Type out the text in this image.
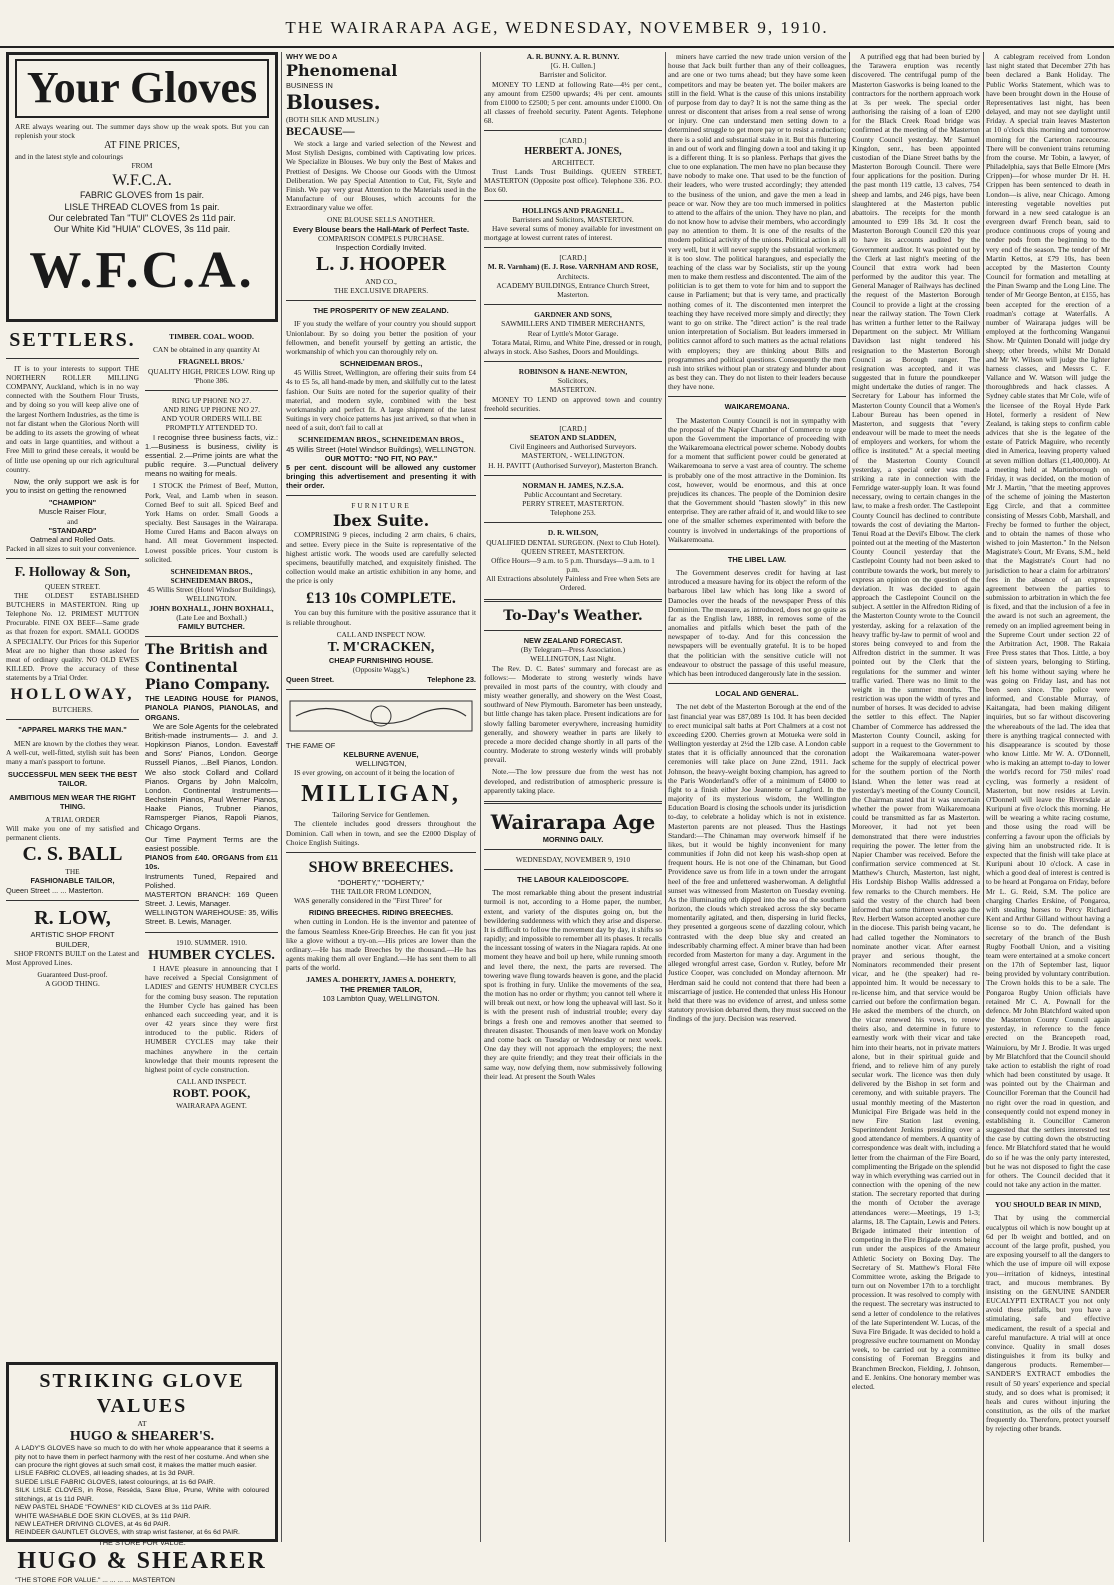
THE WAIRARAPA AGE, WEDNESDAY, NOVEMBER 9, 1910.
Your Gloves
ARE always wearing out. The summer days show up the weak spots. But you can replenish your stock
AT FINE PRICES,
and in the latest style and colourings
FROM
W.F.C.A.
FABRIC GLOVES from 1s pair.
LISLE THREAD CLOVES from 1s pair.
Our celebrated Tan "TUI" CLOVES 2s 11d pair.
Our White Kid "HUIA" CLOVES, 3s 11d pair.
W.F.C.A.
SETTLERS.

IT is to your interests to support THE NORTHERN ROLLER MILLING COMPANY, Auckland, which is in no way connected with the Southern Flour Trusts, and by doing so you will keep alive one of the largest Northern Industries, as the time is not far distant when the Glorious North will be adding to its assets the growing of wheat and oats in large quantities, and without a Free Mill to grind these cereals, it would be of little use opening up our rich agricultural country.

Now, the only support we ask is for you to insist on getting the renowned

"CHAMPION"
Muscle Raiser Flour,
and
"STANDARD"
Oatmeal and Rolled Oats.
Packed in all sizes to suit your convenience.
F. Holloway & Son,
QUEEN STREET.

THE OLDEST ESTABLISHED BUTCHERS in MASTERTON. Ring up Telephone No. 12. PRIMEST MUTTON Procurable. FINE OX BEEF—Same grade as that frozen for export. SMALL GOODS A SPECIALTY. Our Prices for this Superior Meat are no higher than those asked for meat of ordinary quality. NO OLD EWES KILLED. Prove the accuracy of these statements by a Trial Order.

HOLLOWAY,
BUTCHERS.
"APPAREL MARKS THE MAN."

MEN are known by the clothes they wear. A well-cut, well-fitted, stylish suit has been many a man's passport to fortune.

SUCCESSFUL MEN SEEK THE BEST TAILOR.
AMBITIOUS MEN WEAR THE RIGHT THING.
A TRIAL ORDER
Will make you one of my satisfied and permanent clients.
C. S. BALL
THE
FASHIONABLE TAILOR,
Queen Street ... ... Masterton.
R. LOW,
ARTISTIC SHOP FRONT
BUILDER,

SHOP FRONTS BUILT on the Latest and Most Approved Lines.

Guaranteed Dust-proof.
A GOOD THING.
TIMBER. COAL. WOOD.

CAN be obtained in any quantity At

FRAGNELL BROS.'
QUALITY HIGH, PRICES LOW. Ring up 'Phone 386.
RING UP PHONE NO 27.
AND RING UP PHONE NO 27.
AND YOUR ORDERS WILL BE PROMPTLY ATTENDED TO.

I recognise three business facts, viz.: 1.—Business is business, civility is essential. 2.—Prime joints are what the public require. 3.—Punctual delivery means no waiting for meals.

I STOCK the Primest of Beef, Mutton, Pork, Veal, and Lamb when in season. Corned Beef to suit all. Spiced Beef and York Hams on order. Small Goods a specialty. Best Sausages in the Wairarapa. Home Cured Hams and Bacon always on hand. All meat Government inspected. Lowest possible prices. Your custom is solicited.

SCHNEIDEMAN BROS., SCHNEIDEMAN BROS.,
45 Willis Street (Hotel Windsor Buildings), WELLINGTON.
JOHN BOXHALL, JOHN BOXHALL,
(Late Lee and Boxhall.)
FAMILY BUTCHER.
The British and Continental Piano Company.
THE LEADING HOUSE for PIANOS, PIANOLA PIANOS, PIANOLAS, and ORGANS.

We are Sole Agents for the celebrated British-made instruments— J. and J. Hopkinson Pianos, London. Eavestaff and Sons' Pianos, London. George Russell Pianos, ...Bell Pianos, London. We also stock Collard and Collard Pianos. Organs by John Malcolm, London. Continental Instruments— Bechstein Pianos, Paul Werner Pianos, Haake Pianos, Trubner Pianos, Ramsperger Pianos, Rapoli Pianos, Chicago Organs.

Our Time Payment Terms are the easiest possible.
PIANOS from £40. ORGANS from £11 10s.
Instruments Tuned, Repaired and Polished.
MASTERTON BRANCH: 169 Queen Street. J. Lewis, Manager.
WELLINGTON WAREHOUSE: 35, Willis Street. B. Lewis, Manager.
1910. SUMMER. 1910.
HUMBER CYCLES.

I HAVE pleasure in announcing that I have received a Special Consignment of LADIES' and GENTS' HUMBER CYCLES for the coming busy season. The reputation the Humber Cycle has gained has been enhanced each succeeding year, and it is over 42 years since they were first introduced to the public. Riders of HUMBER CYCLES may take their machines anywhere in the certain knowledge that their mounts represent the highest point of cycle construction.

CALL AND INSPECT.
ROBT. POOK,
WAIRARAPA AGENT.
STRIKING GLOVE VALUES
AT
HUGO & SHEARER'S.
A LADY'S GLOVES have so much to do with her whole appearance that it seems a pity not to have them in perfect harmony with the rest of her costume. And when she can procure the right gloves at such small cost, it makes the matter much easier.
LISLE FABRIC CLOVES, all leading shades, at 1s 3d PAIR.
SUEDE LISLE FABRIC GLOVES, latest colourings, at 1s 6d PAIR.
SILK LISLE CLOVES, in Rose, Reséda, Saxe Blue, Prune, White with coloured stitchings, at 1s 11d PAIR.
NEW PASTEL SHADE "FOWNES" KID CLOVES at 3s 11d PAIR.
WHITE WASHABLE DOE SKIN CLOVES, at 3s 11d PAIR.
NEW LEATHER DRIVING CLOVES, at 4s 6d PAIR.
REINDEER GAUNTLET GLOVES, with strap wrist fastener, at 6s 6d PAIR.
THE STORE FOR VALUE.
HUGO & SHEARER
"THE STORE FOR VALUE." ... ... ... ... MASTERTON
WHY WE DO A
Phenomenal
BUSINESS IN
Blouses.
(BOTH SILK AND MUSLIN.)
BECAUSE—

We stock a large and varied selection of the Newest and Most Stylish Designs, combined with Captivating low prices. We Specialize in Blouses. We buy only the Best of Makes and Prettiest of Designs. We Choose our Goods with the Utmost Deliberation. We pay Special Attention to Cut, Fit, Style and Finish. We pay very great Attention to the Materials used in the Manufacture of our Blouses, which accounts for the Extraordinary value we offer.

ONE BLOUSE SELLS ANOTHER.
Every Blouse bears the Hall-Mark of Perfect Taste.
COMPARISON COMPELS PURCHASE.
Inspection Cordially Invited.
L. J. HOOPER
AND CO.,
THE EXCLUSIVE DRAPERS.
THE PROSPERITY OF NEW ZEALAND.

IF you study the welfare of your country you should support Unionlabour. By so doing you better the position of your fellowmen, and benefit yourself by getting an artistic, the workmanship of which you can thoroughly rely on.

SCHNEIDEMAN BROS.,

45 Willis Street, Wellington, are offering their suits from £4 4s to £5 5s, all hand-made by men, and skilfully cut to the latest fashion. Our Suits are noted for the superior quality of their material, and modern style, combined with the best workmanship and perfect fit. A large shipment of the latest Suitings in very choice patterns has just arrived, so that when in need of a suit, don't fail to call at

SCHNEIDEMAN BROS., SCHNEIDEMAN BROS.,
45 Willis Street (Hotel Windsor Buildings), WELLINGTON.
OUR MOTTO: "NO FIT, NO PAY."
5 per cent. discount will be allowed any customer bringing this advertisement and presenting it with their order.
FURNITURE
Ibex Suite.

COMPRISING 9 pieces, including 2 arm chairs, 6 chairs, and settee. Every piece in the Suite is representative of the highest artistic work. The woods used are carefully selected specimens, beautifully matched, and exquisitely finished. The collection would make an artistic exhibition in any home, and the price is only

£13 10s COMPLETE.

You can buy this furniture with the positive assurance that it is reliable throughout.

CALL AND INSPECT NOW.
T. M'CRACKEN,
CHEAP FURNISHING HOUSE.
(Opposite Wagg's.)
Queen Street.	Telephone 23.
THE FAME OF
KELBURNE AVENUE,
WELLINGTON,

IS ever growing, on account of it being the location of

MILLIGAN,
Tailoring Service for Gentlemen.

The clientele includes good dressers throughout the Dominion. Call when in town, and see the £2000 Display of Choice English Suitings.

SHOW BREECHES.
"DOHERTY," "DOHERTY,"
THE TAILOR FROM LONDON,

WAS generally considered in the "First Three" for

RIDING BREECHES. RIDING BREECHES.

when cutting in London. He is the inventor and patentee of the famous Seamless Knee-Grip Breeches. He can fit you just like a glove without a try-on.—His prices are lower than the ordinary.—He has made Breeches by the thousand.—He has agents making them all over England.—He has sent them to all parts of the world.

JAMES A. DOHERTY, JAMES A. DOHERTY,
THE PREMIER TAILOR,
103 Lambton Quay, WELLINGTON.
A. R. BUNNY. A. R. BUNNY.
[G. H. Cullen.]
Barrister and Solicitor.

MONEY TO LEND at following Rate—4½ per cent., any amount from £2500 upwards; 4¾ per cent. amounts from £1000 to £2500; 5 per cent. amounts under £1000. On all classes of freehold security. Patent Agents. Telephone 68.

[CARD.]
HERBERT A. JONES,
ARCHITECT.

Trust Lands Trust Buildings. QUEEN STREET, MASTERTON (Opposite post office). Telephone 336. P.O. Box 60.

HOLLINGS AND PRAGNELL.
Barristers and Solicitors, MASTERTON.

Have several sums of money available for investment on mortgage at lowest current rates of interest.

[CARD.]
M. R. Varnham) (E. J. Rose. VARNHAM AND ROSE,
Architects.
ACADEMY BUILDINGS, Entrance Church Street, Masterton.
GARDNER AND SONS,
SAWMILLERS AND TIMBER MERCHANTS,
Rear of Lyttle's Motor Garage.

Totara Matai, Rimu, and White Pine, dressed or in rough, always in stock. Also Sashes, Doors and Mouldings.

ROBINSON & HANE-NEWTON,
Solicitors,
MASTERTON.

MONEY TO LEND on approved town and country freehold securities.

[CARD.]
SEATON AND SLADDEN,
Civil Engineers and Authorised Surveyors.
MASTERTON, - WELLINGTON.
H. H. PAVITT (Authorised Surveyor), Masterton Branch.
NORMAN H. JAMES, N.Z.S.A.
Public Accountant and Secretary.
PERRY STREET, MASTERTON.
Telephone 253.
D. R. WILSON,
QUALIFIED DENTAL SURGEON. (Next to Club Hotel).
QUEEN STREET, MASTERTON.
Office Hours—9 a.m. to 5 p.m. Thursdays—9 a.m. to 1 p.m.
All Extractions absolutely Painless and Free when Sets are Ordered.
To-Day's Weather.
NEW ZEALAND FORECAST.
(By Telegram—Press Association.)
WELLINGTON, Last Night.

The Rev. D. C. Bates' summary and forecast are as follows:— Moderate to strong westerly winds have prevailed in most parts of the country, with cloudy and misty weather generally, and showery on the West Coast, southward of New Plymouth. Barometer has been unsteady, but little change has taken place. Present indications are for slowly falling barometer everywhere, increasing humidity generally, and showery weather in parts are likely to precede a more decided change shortly in all parts of the country. Moderate to strong westerly winds will probably prevail.

Note.—The low pressure due from the west has not developed, and redistribution of atmospheric pressure is apparently taking place.

Wairarapa Age
MORNING DAILY.
WEDNESDAY, NOVEMBER 9, 1910
THE LABOUR KALEIDOSCOPE.

The most remarkable thing about the present industrial turmoil is not, according to a Home paper, the number, extent, and variety of the disputes going on, but the bewildering suddenness with which they arise and disperse. It is difficult to follow the movement day by day, it shifts so rapidly; and impossible to remember all its phases. It recalls the incessant tossing of waters in the Niagara rapids. At one moment they heave and boil up here, while running smooth and level there, the next, the parts are reversed. The towering wave flung towards heaven is gone, and the placid spot is frothing in fury. Unlike the movements of the sea, the motion has no order or rhythm; you cannot tell where it will break out next, or how long the upheaval will last. So it is with the present rush of industrial trouble; every day brings a fresh one and removes another that seemed to threaten disaster. Thousands of men leave work on Monday and come back on Tuesday or Wednesday or next week. One day they will not approach the employers; the next they are quite friendly; and they treat their officials in the same way, now defying them, now submissively following their lead. At present the South Wales

miners have carried the new trade union version of the house that Jack built further than any of their colleagues, and are one or two turns ahead; but they have some keen competitors and may be beaten yet. The boiler makers are still in the field. What is the cause of this unions instability of purpose from day to day? It is not the same thing as the unrest or discontent that arises from a real sense of wrong or injury. One can understand men setting down to a determined struggle to get more pay or to resist a reduction; there is a solid and substantial stake in it. But this fluttering in and out of work and flinging down a tool and taking it up is a different thing. It is so planless. Perhaps that gives the clue to one explanation. The men have no plan because they have nobody to make one. That used to be the function of their leaders, who were trusted accordingly; they attended to the business of the union, and gave the men a lead in peace or war. Now they are too much immersed in politics to attend to the affairs of the union. They have no plan, and do not know how to advise their members, who accordingly pay no attention to them. It is one of the results of the modern political activity of the unions. Political action is all very well, but it will never supply the substantial workmen; it is too slow. The political harangues, and especially the teaching of the class war by Socialists, stir up the young men to make them restless and discontented. The aim of the politician is to get them to vote for him and to support the cause in Parliament; but that is very tame, and practically nothing comes of it. The discontented men interpret the teaching they have received more simply and directly; they want to go on strike. The "direct action" is the real trade union interpretation of Socialism. But leaders immersed in politics cannot afford to such matters as the actual relations with employers; they are thinking about Bills and programmes and political questions. Consequently the men rush into strikes without plan or strategy and blunder about as best they can. They do not listen to their leaders because they have none.

WAIKAREMOANA.

The Masterton County Council is not in sympathy with the proposal of the Napier Chamber of Commerce to urge upon the Government the importance of proceeding with the Waikaremoana electrical power scheme. Nobody doubts for a moment that sufficient power could be generated at Waikaremoana to serve a vast area of country. The scheme is probably one of the most attractive in the Dominion. Its cost, however, would be enormous, and this at once prejudices its chances. The people of the Dominion desire that the Government should "hasten slowly" in this new enterprise. They are rather afraid of it, and would like to see one of the smaller schemes experimented with before the country is involved in undertakings of the proportions of Waikaremoana.

THE LIBEL LAW.

The Government deserves credit for having at last introduced a measure having for its object the reform of the barbarous libel law which has long like a sword of Damocles over the heads of the newspaper Press of this Dominion. The measure, as introduced, does not go quite as far as the English law, 1888, in removes some of the anomalies and pitfalls which beset the path of the newspaper of to-day. And for this concession the newspapers will be eventually grateful. It is to be hoped that the politician with the sensitive cuticle will not endeavour to obstruct the passage of this useful measure, which has been introduced dangerously late in the session.

LOCAL AND GENERAL.

The net debt of the Masterton Borough at the end of the last financial year was £87,089 1s 10d. It has been decided to erect municipal salt baths at Port Chalmers at a cost not exceeding £200. Cherries grown at Motueka were sold in Wellington yesterday at 2½d the 12lb case. A London cable states that it is officially announced that the coronation ceremonies will take place on June 22nd, 1911. Jack Johnson, the heavy-weight boxing champion, has agreed to the Paris Wonderland's offer of a minimum of £4000 to fight to a finish either Joe Jeannette or Langford. In the majority of its mysterious wisdom, the Wellington Education Board is closing the schools under its jurisdiction to-day, to celebrate a holiday which is not in existence. Masterton parents are not pleased. Thus the Hastings Standard:—The Chinaman may overwork himself if he likes, but it would be highly inconvenient for many communities if John did not keep his wash-shop open at frequent hours. He is not one of the Chinaman, but Good Providence save us from life in a town under the arrogant heel of the free and unfettered washerwoman. A delightful sunset was witnessed from Masterton on Tuesday evening. As the illuminating orb dipped into the sea of the southern horizon, the clouds which streaked across the sky became momentarily agitated, and then, dispersing in lurid flecks, they presented a gorgeous scene of dazzling colour, which contrasted with the deep blue sky and created an indescribably charming effect. A miner brave than had been recorded from Masterton for many a day. Argument in the alleged wrongful arrest case, Gordon v. Rutley, before Mr Justice Cooper, was concluded on Monday afternoon. Mr Herdman said he could not contend that there had been a miscarriage of justice. He contended that unless His Honour held that there was no evidence of arrest, and unless some statutory provision debarred them, they must succeed on the findings of the jury. Decision was reserved.

A putrified egg that had been buried by the Tarawera eruption was recently discovered. The centrifugal pump of the Masterton Gasworks is being loaned to the contractors for the northern approach work at 3s per week. The special order authorising the raising of a loan of £200 for the Black Creek Road bridge was confirmed at the meeting of the Masterton County Council yesterday. Mr Samuel Kingdon, senr., has been appointed custodian of the Diane Street baths by the Masterton Borough Council. There were four applications for the position. During the past month 119 cattle, 13 calves, 754 sheep and lambs, and 246 pigs, have been slaughtered at the Masterton public abattoirs. The receipts for the month amounted to £99 18s 3d. It cost the Masterton Borough Council £20 this year to have its accounts audited by the Government auditor. It was pointed out by the Clerk at last night's meeting of the Council that extra work had been performed by the auditor this year. The General Manager of Railways has declined the request of the Masterton Borough Council to provide a light at the crossing near the railway station. The Town Clerk has written a further letter to the Railway Department on the subject. Mr William Davidson last night tendered his resignation to the Masterton Borough Council as Borough ranger. The resignation was accepted, and it was suggested that in future the poundkeeper might undertake the duties of ranger. The Secretary for Labour has informed the Masterton County Council that a Women's Labour Bureau has been opened in Masterton, and suggests that "every endeavour will be made to meet the needs of employers and workers, for whom the office is instituted." At a special meeting of the Masterton County Council yesterday, a special order was made striking a rate in connection with the Fernridge water-supply loan. It was found necessary, owing to certain changes in the law, to make a fresh order. The Castlepoint County Council has declined to contribute towards the cost of deviating the Marton-Tenui Road at the Devil's Elbow. The clerk pointed out at the meeting of the Masterton County Council yesterday that the Castlepoint County had not been asked to contribute towards the work, but merely to express an opinion on the question of the deviation. It was decided to again approach the Castlepoint Council on the subject. A settler in the Alfredton Riding of the Masterton County wrote to the Council yesterday, asking for a relaxation of the heavy traffic by-law to permit of wool and stores being conveyed to and from the Alfredton district in the summer. It was pointed out by the Clerk that the regulations for the summer and winter traffic varied. There was no limit to the weight in the summer months. The restriction was upon the width of tyres and number of horses. It was decided to advise the settler to this effect. The Napier Chamber of Commerce has addressed the Masterton County Council, asking for support in a request to the Government to adopt the Waikaremoana water-power scheme for the supply of electrical power for the southern portion of the North Island. When the letter was read at yesterday's meeting of the County Council, the Chairman stated that it was uncertain whether the power from Waikaremoana could be transmitted as far as Masterton. Moreover, it had not yet been demonstrated that there were industries requiring the power. The letter from the Napier Chamber was received. Before the confirmation service commenced at St. Matthew's Church, Masterton, last night, His Lordship Bishop Wallis addressed a few remarks to the Church members. He said the vestry of the church had been informed that some thirteen weeks ago the Rev. Herbert Watson accepted another cure in the diocese. This parish being vacant, he had called together the Nominators to nominate another vicar. After earnest prayer and serious thought, the Nominators recommended their present vicar, and he (the speaker) had re-appointed him. It would be necessary to re-license him, and that service would be carried out before the confirmation began. He asked the members of the church, on the vicar renewed his vows, to renew theirs also, and determine in future to earnestly work with their vicar and take him into their hearts, not in private matters alone, but in their spiritual guide and friend, and to relieve him of any purely secular work. The licence was then duly delivered by the Bishop in set form and ceremony, and with suitable prayers. The usual monthly meeting of the Masterton Municipal Fire Brigade was held in the new Fire Station last evening, Superintendent Jenkins presiding over a good attendance of members. A quantity of correspondence was dealt with, including a letter from the chairman of the Fire Board, complimenting the Brigade on the splendid way in which everything was carried out in connection with the opening of the new station. The secretary reported that during the month of October the average attendances were:—Meetings, 19 1-3; alarms, 18. The Captain, Lewis and Peters. Brigade intimated their intention of competing in the Fire Brigade events being run under the auspices of the Amateur Athletic Society on Boxing Day. The Secretary of St. Matthew's Floral Fête Committee wrote, asking the Brigade to turn out on November 17th to a torchlight procession. It was resolved to comply with the request. The secretary was instructed to send a letter of condolence to the relatives of the late Superintendent W. Lucas, of the Suva Fire Brigade. It was decided to hold a progressive euchre tournament on Monday week, to be carried out by a committee consisting of Foreman Breggins and Branchmen Breckon, Fielding, J. Johnson, and E. Jenkins. One honorary member was elected.

A cablegram received from London last night stated that December 27th has been declared a Bank Holiday. The Public Works Statement, which was to have been brought down in the House of Representatives last night, has been delayed, and may not see daylight until Friday. A special train leaves Masterton at 10 o'clock this morning and tomorrow morning for the Carterton racecourse. There will be convenient trains returning from the course. Mr Tobin, a lawyer, of Philadelphia, says that Belle Elmore (Mrs Crippen)—for whose murder Dr H. H. Crippen has been sentenced to death in London—is alive, near Chicago. Among interesting vegetable novelties put forward in a new seed catalogue is an evergreen dwarf French bean, said to produce continuous crops of young and tender pods from the beginning to the very end of the season. The tender of Mr Martin Kettos, at £79 10s, has been accepted by the Masterton County Council for formation and metalling at the Pinan Swamp and the Long Line. The tender of Mr George Benton, at £155, has been accepted for the erection of a roadman's cottage at Waterfalls. A number of Wairarapa judges will be employed at the forthcoming Wanganui Show. Mr Quinten Donald will judge dry sheep; other breeds, whilst Mr Donald and Mr W. Wilson will judge the lighter harness classes, and Messrs C. F. Vallance and W. Watson will judge the thoroughbreds and hack classes. A Sydney cable states that Mr Cole, wife of the licensee of the Royal Hyde Park Hotel, formerly a resident of New Zealand, is taking steps to confirm cable advices that she is the legatee of the estate of Patrick Maguire, who recently died in America, leaving property valued at seven million dollars (£1,400,000). At a meeting held at Martinborough on Friday, it was decided, on the motion of Mr J. Martin, "that the meeting approves of the scheme of joining the Masterton Egg Circle, and that a committee consisting of Messrs Cobb, Marshall, and Frechy be formed to further the object, and to obtain the names of those who wished to join Masterton." In the Nelson Magistrate's Court, Mr Evans, S.M., held that the Magistrate's Court had no jurisdiction to hear a claim for arbitrators' fees in the absence of an express agreement between the parties to submission to arbitration in which the fee is fixed, and that the inclusion of a fee in the award is not such an agreement, the remedy on an implied agreement being in the Supreme Court under section 22 of the Arbitration Act, 1908. The Rakaia Free Press states that Thos. Little, a boy of sixteen years, belonging to Stirling, left his home without saying where he was going on Friday last, and has not been seen since. The police were informed, and Constable Murray, of Kaitangata, had been making diligent inquiries, but so far without discovering the whereabouts of the lad. The idea that there is anything tragical connected with his disappearance is scouted by those who know Little. Mr W. A. O'Donnell, who is making an attempt to-day to lower the world's record for 750 miles' road cycling, was formerly a resident of Masterton, but now resides at Levin. O'Donnell will leave the Riversdale at Kuripuni at five o'clock this morning. He will be wearing a white racing costume, and those using the road will be conferring a favour upon the officials by giving him an unobstructed ride. It is expected that the finish will take place at Kuripuni about 10 o'clock. A case in which a good deal of interest is centred is to be heard at Pongaroa on Friday, before Mr L. G. Reid, S.M. The police are charging Charles Erskine, of Pongaroa, with stealing horses to Percy Richard Kent and Arthur Gilland without having a license so to do. The defendant is secretary of the branch of the Bush Rugby Football Union, and a visiting team were entertained at a smoke concert on the 17th of September last, liquor being provided by voluntary contribution. The Crown holds this to be a sale. The Pongaroa Rugby Union officials have retained Mr C. A. Pownall for the defence. Mr John Blatchford waited upon the Masterton County Council again yesterday, in reference to the fence erected on the Brancepeth road, Wainuioru, by Mr J. Brodie. It was urged by Mr Blatchford that the Council should take action to establish the right of road which had been constituted by usage. It was pointed out by the Chairman and Councillor Foreman that the Council had no right over the road in question, and consequently could not expend money in establishing it. Councillor Cameron suggested that the settlers interested test the case by cutting down the obstructing fence. Mr Blatchford stated that he would do so if he was the only party interested, but he was not disposed to fight the case for others. The Council decided that it could not take any action in the matter.

YOU SHOULD BEAR IN MIND,

That by using the commercial eucalyptus oil which is now bought up at 6d per lb weight and bottled, and on account of the large profit, pushed, you are exposing yourself to all the dangers to which the use of impure oil will expose you—irritation of kidneys, intestinal tract, and mucous membranes. By insisting on the GENUINE SANDER EUCALYPTI EXTRACT you not only avoid these pitfalls, but you have a stimulating, safe and effective medicament, the result of a special and careful manufacture. A trial will at once convince. Quality in small doses distinguishes it from its bulky and dangerous products. Remember—SANDER'S EXTRACT embodies the result of 50 years' experience and special study, and so does what is promised; it heals and cures without injuring the constitution, as the oils of the market frequently do. Therefore, protect yourself by rejecting other brands.
